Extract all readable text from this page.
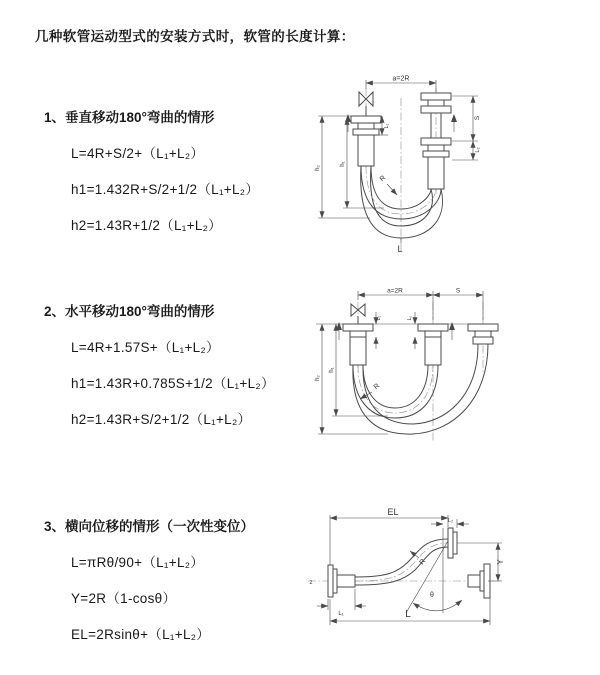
几种软管运动型式的安装方式时，软管的长度计算：
1、垂直移动180°弯曲的情形
L=4R+S/2+（L₁+L₂）
h1=1.432R+S/2+1/2（L₁+L₂）
h2=1.43R+1/2（L₁+L₂）
2、水平移动180°弯曲的情形
L=4R+1.57S+（L₁+L₂）
h1=1.43R+0.785S+1/2（L₁+L₂）
h2=1.43R+S/2+1/2（L₁+L₂）
3、横向位移的情形（一次性变位）
L=πRθ/90+（L₁+L₂）
Y=2R（1-cosθ）
EL=2Rsinθ+（L₁+L₂）
a=2R
h₂
h₁
L₁
S
L₂
R
L
a=2R	S
h₂
h₁
L₁	L₂
R
EL
L₂
Y
L
L₁
R
θ
z
